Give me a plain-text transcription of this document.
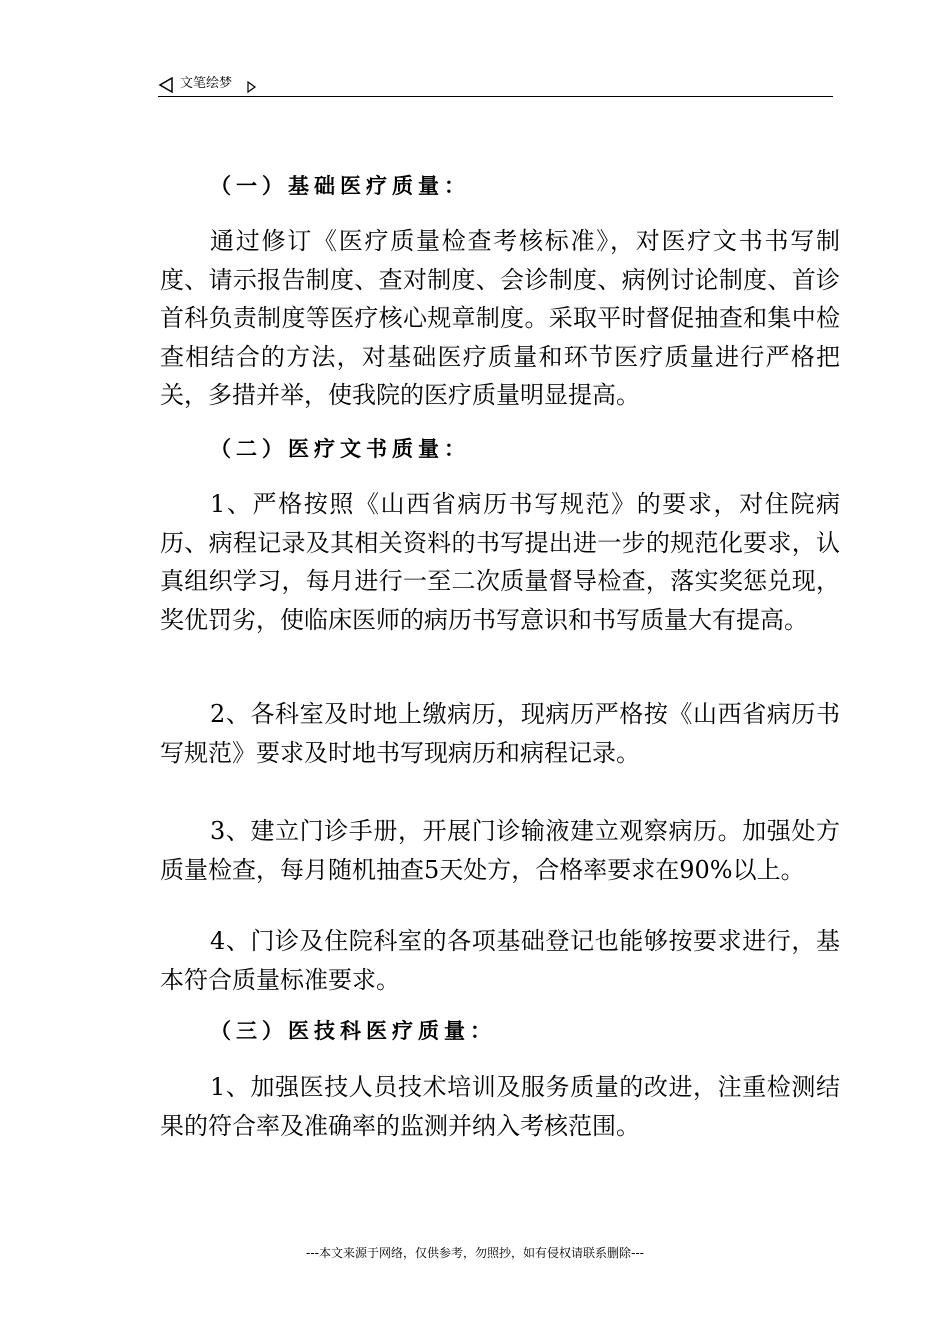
文笔绘梦
（一）基础医疗质量：

通过修订《医疗质量检查考核标准》，对医疗文书书写制度、请示报告制度、查对制度、会诊制度、病例讨论制度、首诊首科负责制度等医疗核心规章制度。采取平时督促抽查和集中检查相结合的方法，对基础医疗质量和环节医疗质量进行严格把关，多措并举，使我院的医疗质量明显提高。

（二）医疗文书质量：

1、严格按照《山西省病历书写规范》的要求，对住院病历、病程记录及其相关资料的书写提出进一步的规范化要求，认真组织学习，每月进行一至二次质量督导检查，落实奖惩兑现，奖优罚劣，使临床医师的病历书写意识和书写质量大有提高。

2、各科室及时地上缴病历，现病历严格按《山西省病历书写规范》要求及时地书写现病历和病程记录。

3、建立门诊手册，开展门诊输液建立观察病历。加强处方质量检查，每月随机抽查5天处方，合格率要求在90%以上。

4、门诊及住院科室的各项基础登记也能够按要求进行，基本符合质量标准要求。

（三）医技科医疗质量：

1、加强医技人员技术培训及服务质量的改进，注重检测结果的符合率及准确率的监测并纳入考核范围。

---本文来源于网络，仅供参考，勿照抄，如有侵权请联系删除---
